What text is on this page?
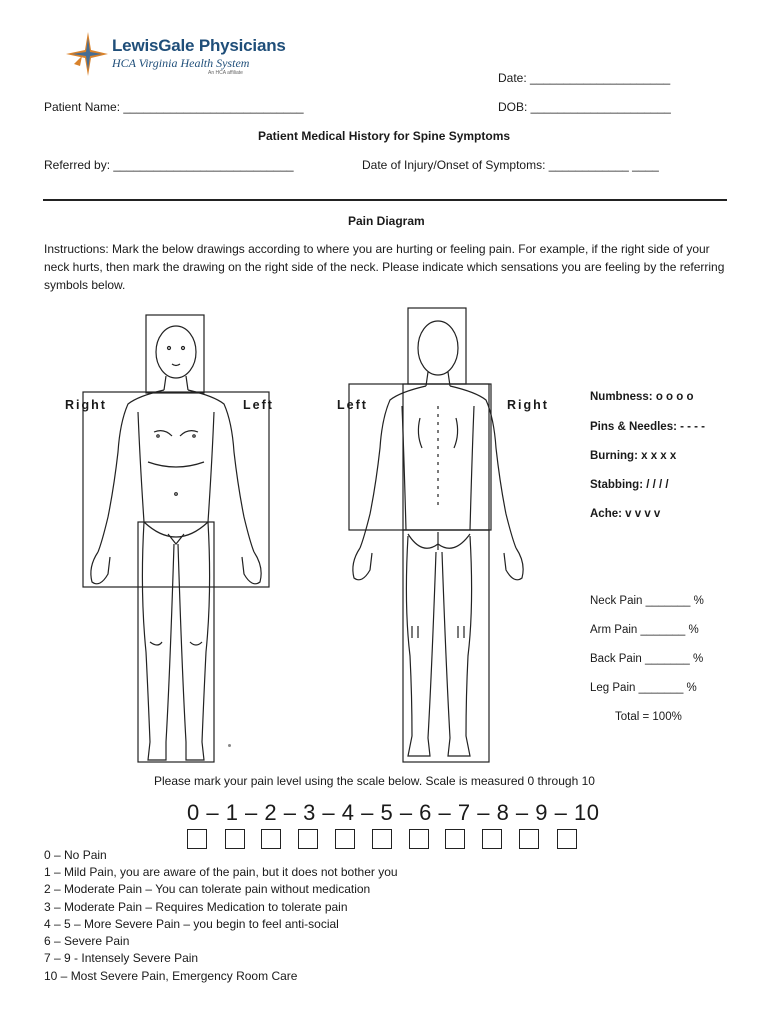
LewisGale Physicians
HCA Virginia Health System
An HCA affiliate	Date: _____________________
Patient Name: ___________________________	DOB: _____________________
Patient Medical History for Spine Symptoms
Referred by: ___________________________	Date of Injury/Onset of Symptoms: ____________ ____
Pain Diagram
Instructions: Mark the below drawings according to where you are hurting or feeling pain. For example, if the right side of your neck hurts, then mark the drawing on the right side of the neck. Please indicate which sensations you are feeling by the referring symbols below.
Right	Left	Left	Right
Numbness: o o o o
Pins & Needles: - - - -
Burning: x x x x
Stabbing: / / / /
Ache: v v v v
Neck Pain _______ %
Arm Pain _______ %
Back Pain _______ %
Leg Pain _______ %
Total = 100%
Please mark your pain level using the scale below. Scale is measured 0 through 10
0 – 1 – 2 – 3 – 4 – 5 – 6 – 7 – 8 – 9 – 10
0 – No Pain
1 – Mild Pain, you are aware of the pain, but it does not bother you
2 – Moderate Pain – You can tolerate pain without medication
3 – Moderate Pain – Requires Medication to tolerate pain
4 – 5 – More Severe Pain – you begin to feel anti-social
6 – Severe Pain
7 – 9 - Intensely Severe Pain
10 – Most Severe Pain, Emergency Room Care
